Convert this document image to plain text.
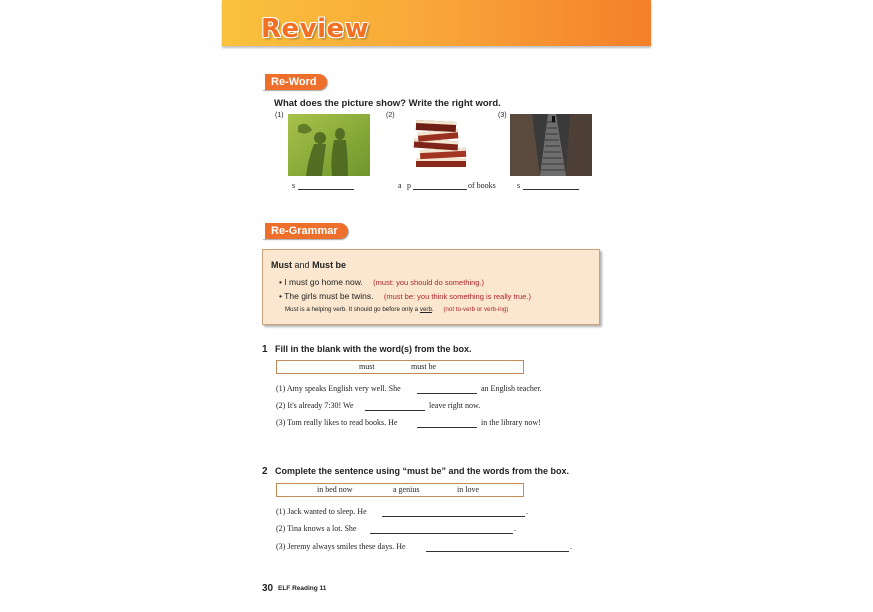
Review
Re-Word
What does the picture show? Write the right word.
(1)
s
(2)
a p	of books
(3)
s
Re-Grammar
Must and Must be
• I must go home now. (must: you should do something.)
• The girls must be twins. (must be: you think something is really true.)
Must is a helping verb. It should go before only a verb. (not to-verb or verb-ing)
1 Fill in the blank with the word(s) from the box.
must	must be
(1) Amy speaks English very well. She	an English teacher.
(2) It's already 7:30! We	leave right now.
(3) Tom really likes to read books. He	in the library now!
2 Complete the sentence using “must be” and the words from the box.
in bed now	a genius	in love
(1) Jack wanted to sleep. He	.
(2) Tina knows a lot. She	.
(3) Jeremy always smiles these days. He	.
30 ELF Reading 11
